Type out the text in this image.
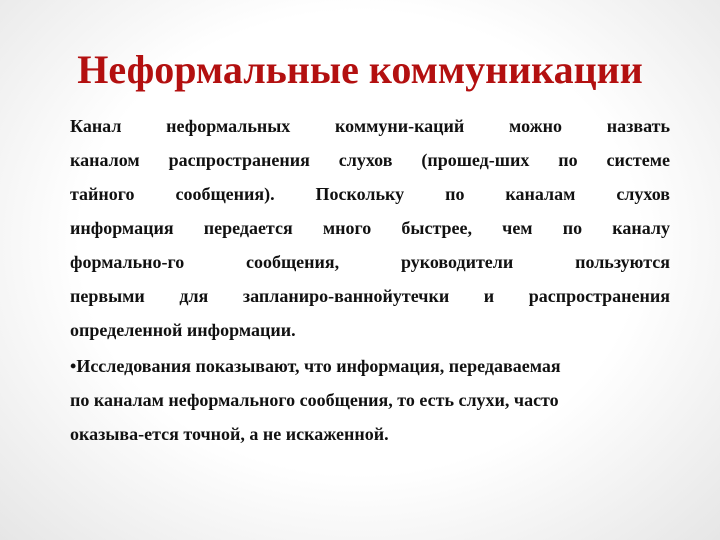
Неформальные коммуникации
Канал неформальных коммуни-каций можно назвать
каналом распространения слухов (прошед-ших по системе
тайного сообщения). Поскольку по каналам слухов
информация передается много быстрее, чем по каналу
формально-го сообщения, руководители пользуются
первыми для запланиро-ваннойутечки и распространения
определенной информации.
•Исследования показывают, что информация, передаваемая
по каналам неформального сообщения, то есть слухи, часто
оказыва-ется точной, а не искаженной.
